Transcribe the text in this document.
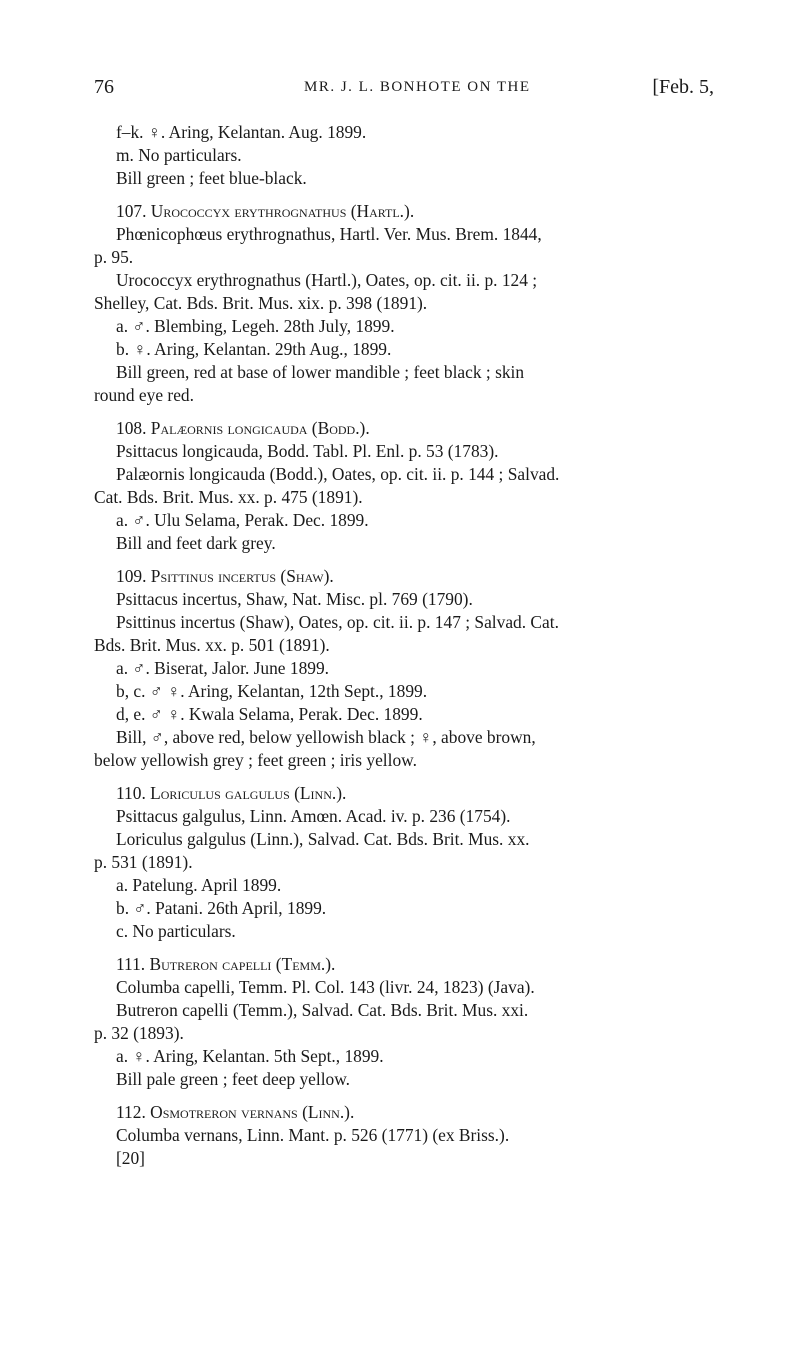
76	MR. J. L. BONHOTE ON THE	[Feb. 5,

f–k. ♀. Aring, Kelantan. Aug. 1899.

m. No particulars.

Bill green ; feet blue-black.

107. Urococcyx erythrognathus (Hartl.).

Phœnicophœus erythrognathus, Hartl. Ver. Mus. Brem. 1844,

p. 95.

Urococcyx erythrognathus (Hartl.), Oates, op. cit. ii. p. 124 ;

Shelley, Cat. Bds. Brit. Mus. xix. p. 398 (1891).

a. ♂. Blembing, Legeh. 28th July, 1899.

b. ♀. Aring, Kelantan. 29th Aug., 1899.

Bill green, red at base of lower mandible ; feet black ; skin

round eye red.

108. Palæornis longicauda (Bodd.).

Psittacus longicauda, Bodd. Tabl. Pl. Enl. p. 53 (1783).

Palæornis longicauda (Bodd.), Oates, op. cit. ii. p. 144 ; Salvad.

Cat. Bds. Brit. Mus. xx. p. 475 (1891).

a. ♂. Ulu Selama, Perak. Dec. 1899.

Bill and feet dark grey.

109. Psittinus incertus (Shaw).

Psittacus incertus, Shaw, Nat. Misc. pl. 769 (1790).

Psittinus incertus (Shaw), Oates, op. cit. ii. p. 147 ; Salvad. Cat.

Bds. Brit. Mus. xx. p. 501 (1891).

a. ♂. Biserat, Jalor. June 1899.

b, c. ♂ ♀. Aring, Kelantan, 12th Sept., 1899.

d, e. ♂ ♀. Kwala Selama, Perak. Dec. 1899.

Bill, ♂, above red, below yellowish black ; ♀, above brown,

below yellowish grey ; feet green ; iris yellow.

110. Loriculus galgulus (Linn.).

Psittacus galgulus, Linn. Amœn. Acad. iv. p. 236 (1754).

Loriculus galgulus (Linn.), Salvad. Cat. Bds. Brit. Mus. xx.

p. 531 (1891).

a. Patelung. April 1899.

b. ♂. Patani. 26th April, 1899.

c. No particulars.

111. Butreron capelli (Temm.).

Columba capelli, Temm. Pl. Col. 143 (livr. 24, 1823) (Java).

Butreron capelli (Temm.), Salvad. Cat. Bds. Brit. Mus. xxi.

p. 32 (1893).

a. ♀. Aring, Kelantan. 5th Sept., 1899.

Bill pale green ; feet deep yellow.

112. Osmotreron vernans (Linn.).

Columba vernans, Linn. Mant. p. 526 (1771) (ex Briss.).

[20]
